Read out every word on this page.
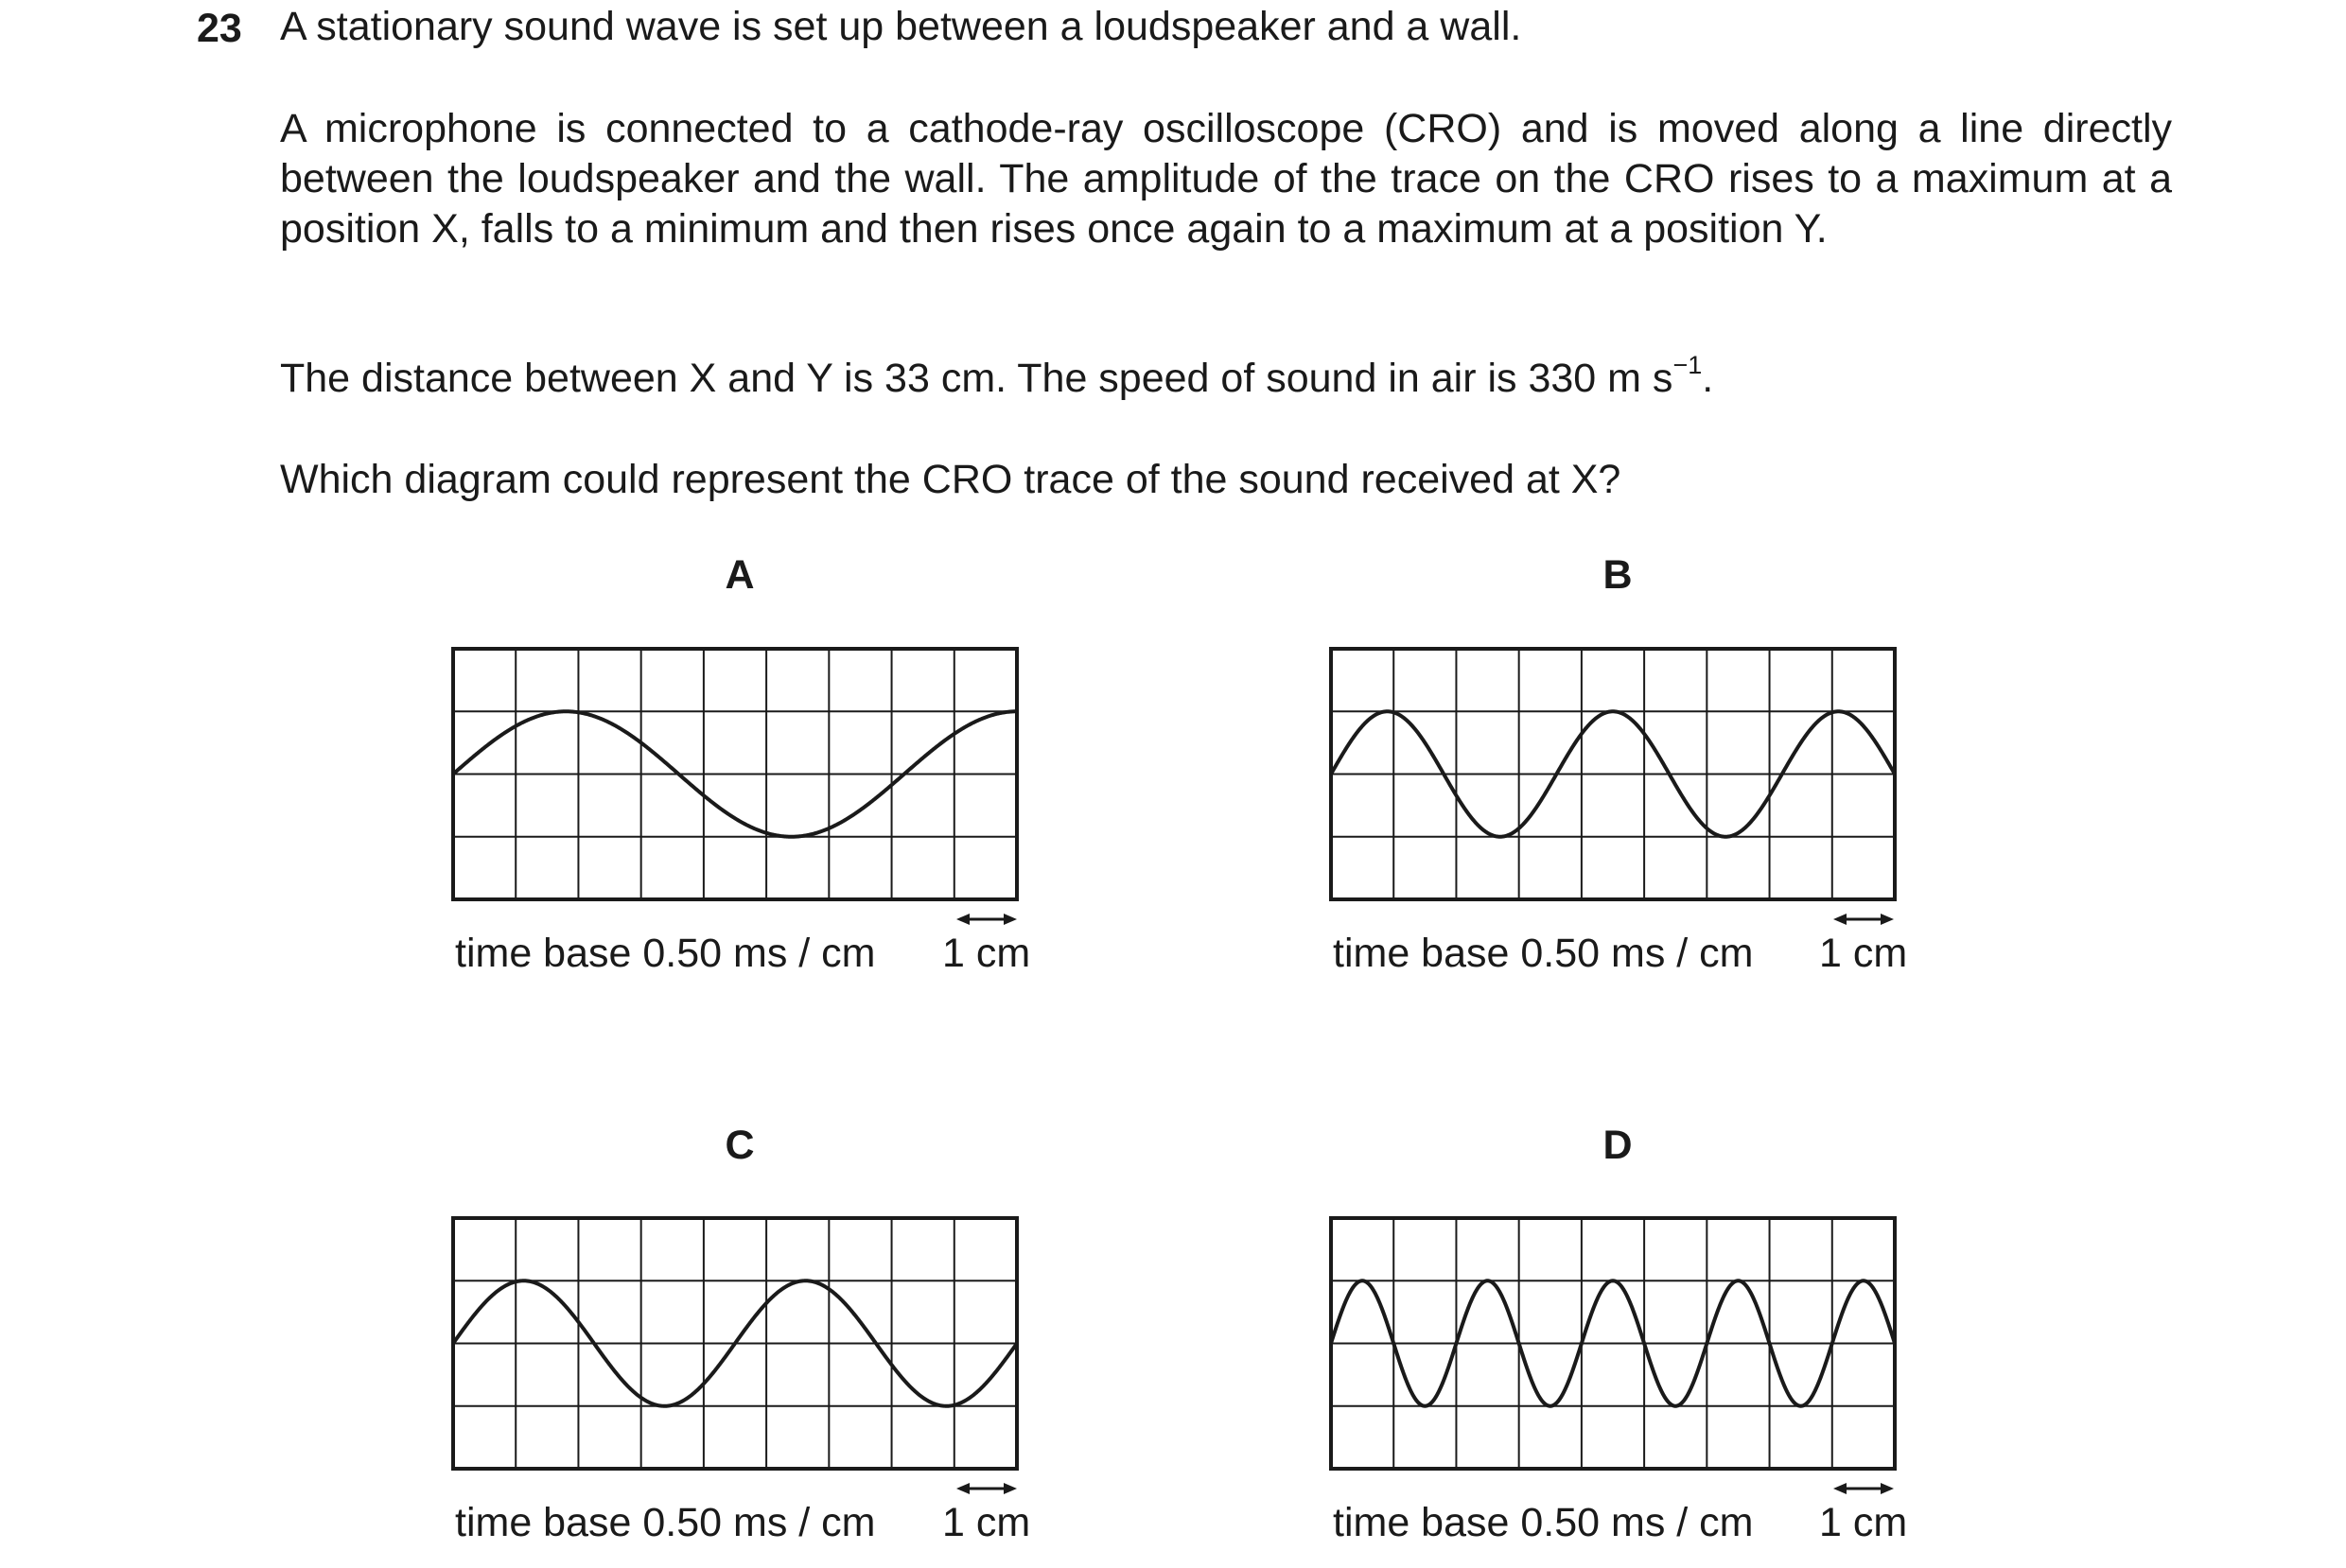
23 A stationary sound wave is set up between a loudspeaker and a wall.

A microphone is connected to a cathode-ray oscilloscope (CRO) and is moved along a line directly between the loudspeaker and the wall. The amplitude of the trace on the CRO rises to a maximum at a position X, falls to a minimum and then rises once again to a maximum at a position Y.

The distance between X and Y is 33 cm. The speed of sound in air is 330 m $s^{-1}$.

Which diagram could represent the CRO trace of the sound received at X?

A
time base 0.50 ms / cm 1 cm
B
time base 0.50 ms / cm 1 cm
C
time base 0.50 ms / cm 1 cm
D
time base 0.50 ms / cm 1 cm
